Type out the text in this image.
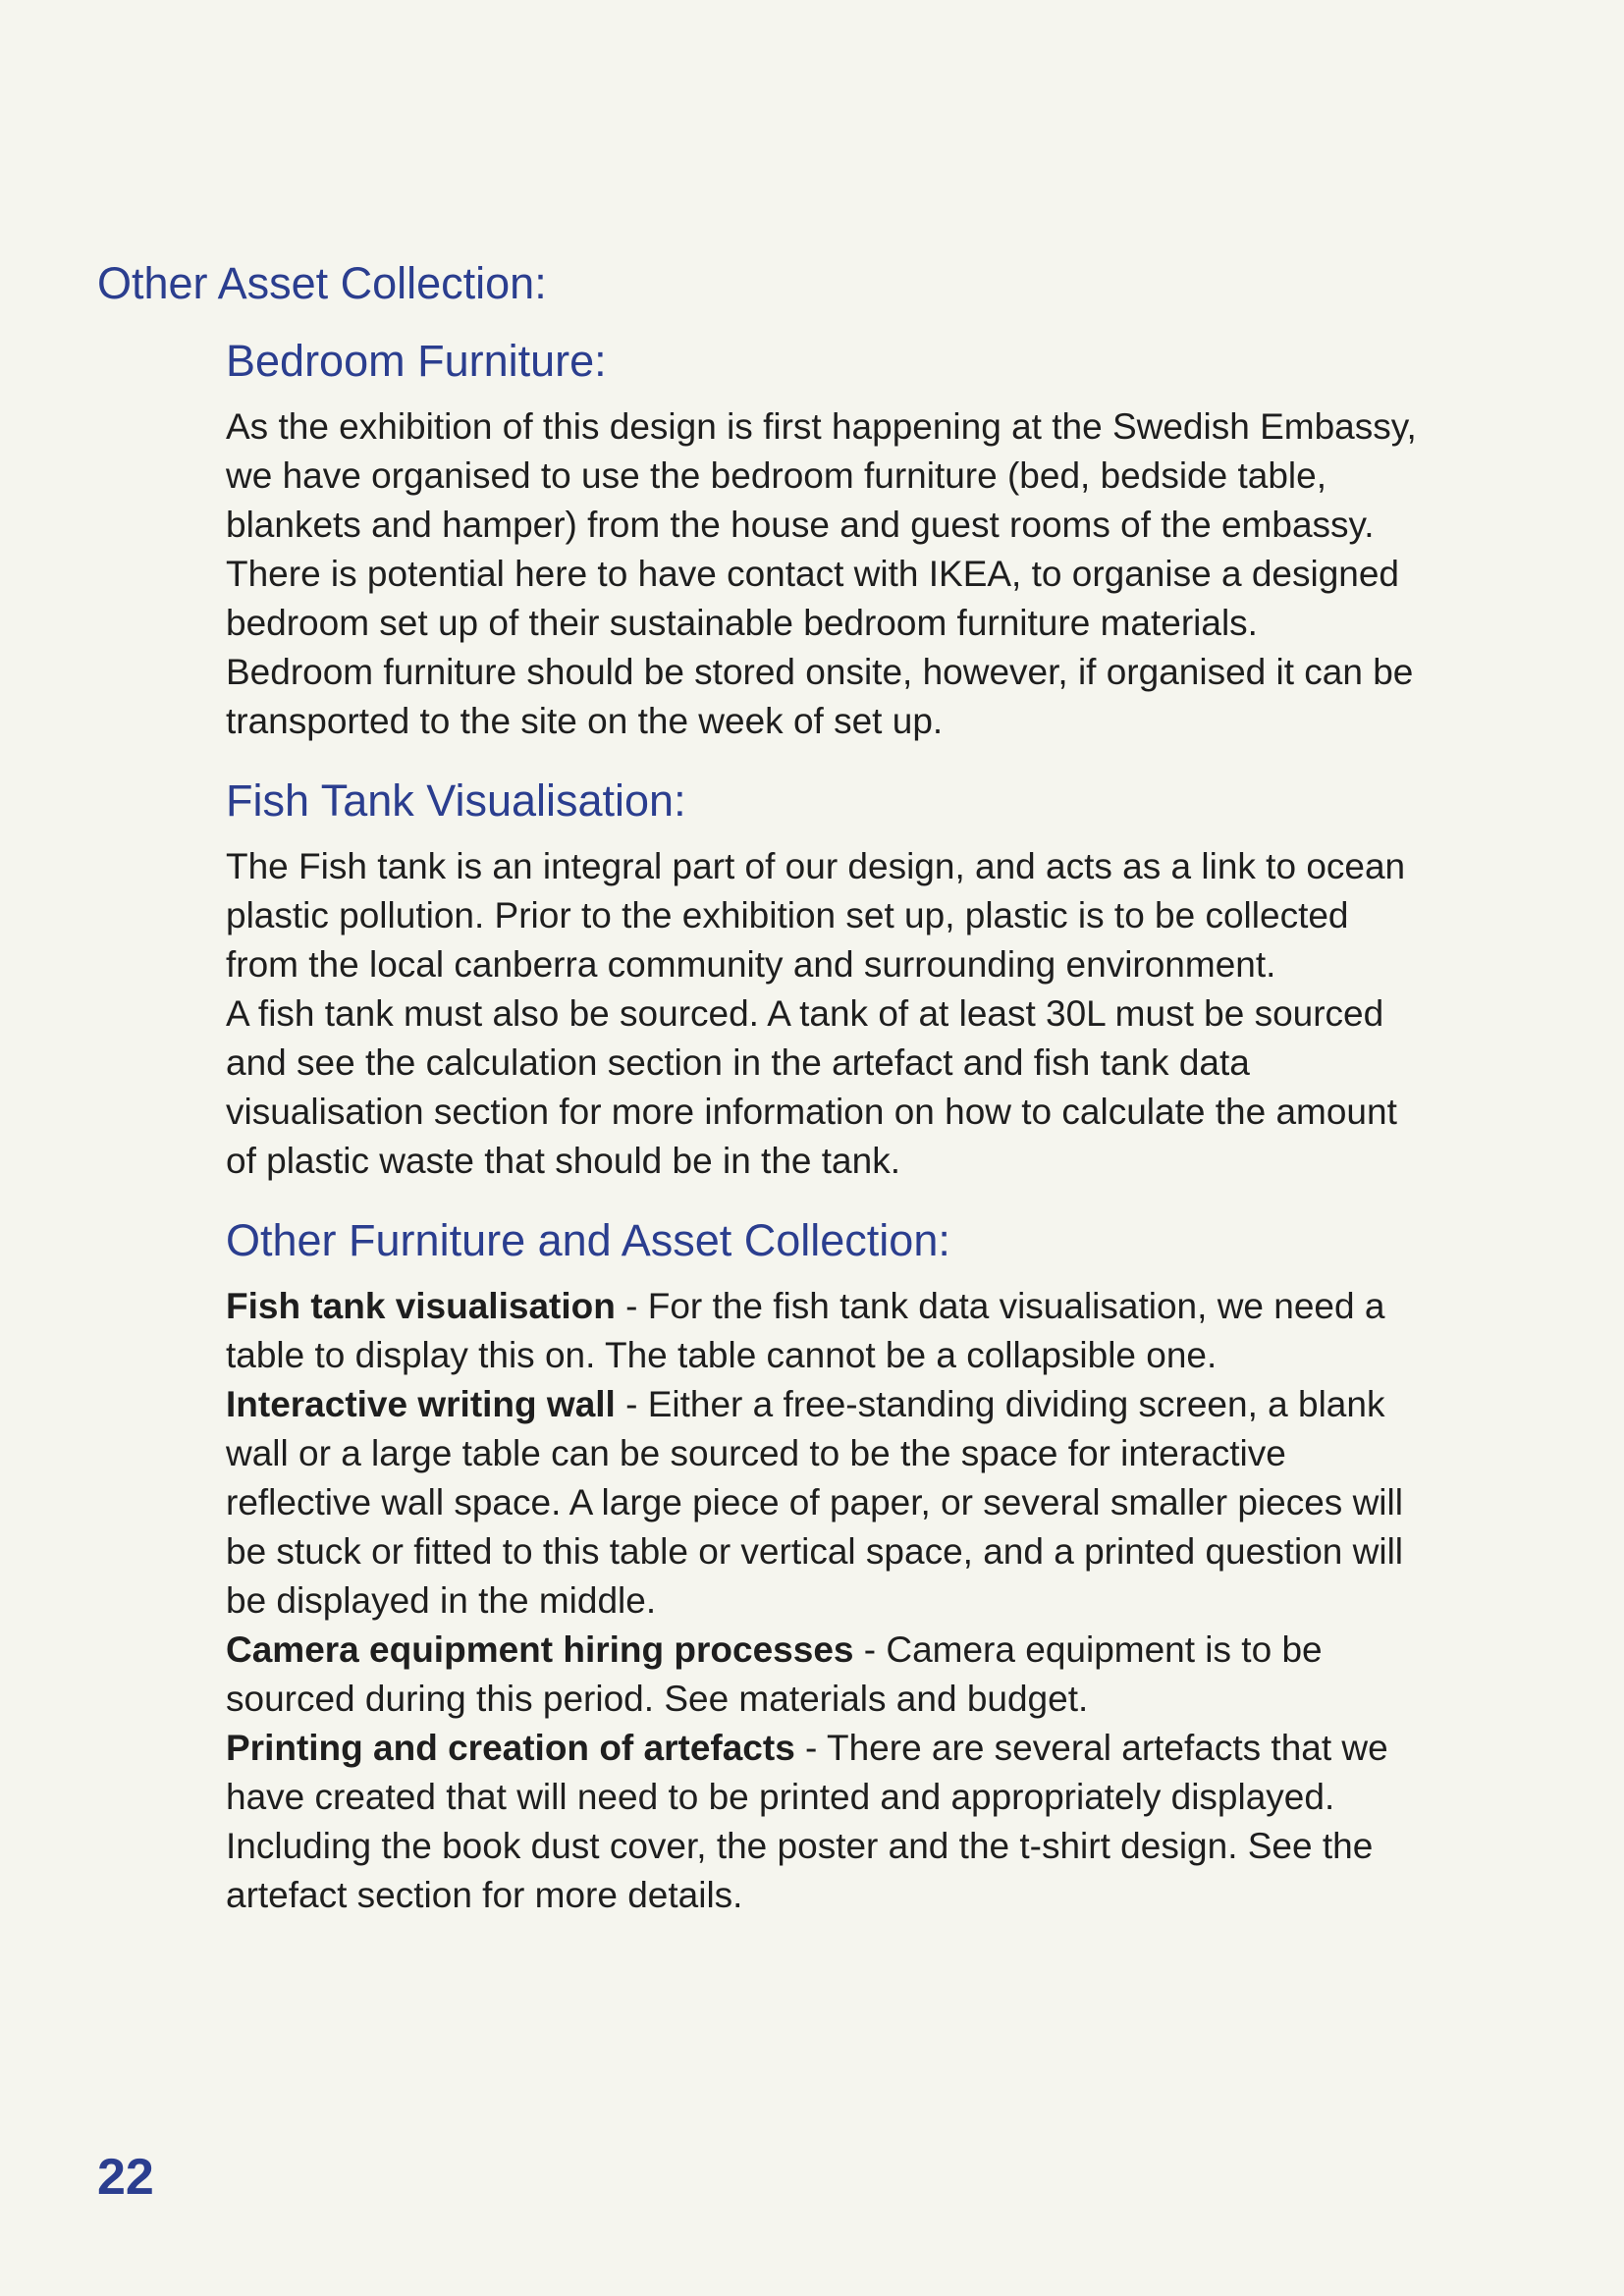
Other Asset Collection:
Bedroom Furniture:

As the exhibition of this design is first happening at the Swedish Embassy, we have organised to use the bedroom furniture (bed, bedside table, blankets and hamper) from the house and guest rooms of the embassy. There is potential here to have contact with IKEA, to organise a designed bedroom set up of their sustainable bedroom furniture materials.

Bedroom furniture should be stored onsite, however, if organised it can be transported to the site on the week of set up.

Fish Tank Visualisation:

The Fish tank is an integral part of our design, and acts as a link to ocean plastic pollution. Prior to the exhibition set up, plastic is to be collected from the local canberra community and surrounding environment.

A fish tank must also be sourced. A tank of at least 30L must be sourced and see the calculation section in the artefact and fish tank data visualisation section for more information on how to calculate the amount of plastic waste that should be in the tank.

Other Furniture and Asset Collection:

Fish tank visualisation - For the fish tank data visualisation, we need a table to display this on. The table cannot be a collapsible one.

Interactive writing wall - Either a free-standing dividing screen, a blank wall or a large table can be sourced to be the space for interactive reflective wall space. A large piece of paper, or several smaller pieces will be stuck or fitted to this table or vertical space, and a printed question will be displayed in the middle.

Camera equipment hiring processes - Camera equipment is to be sourced during this period. See materials and budget.

Printing and creation of artefacts - There are several artefacts that we have created that will need to be printed and appropriately displayed. Including the book dust cover, the poster and the t-shirt design. See the artefact section for more details.

22
